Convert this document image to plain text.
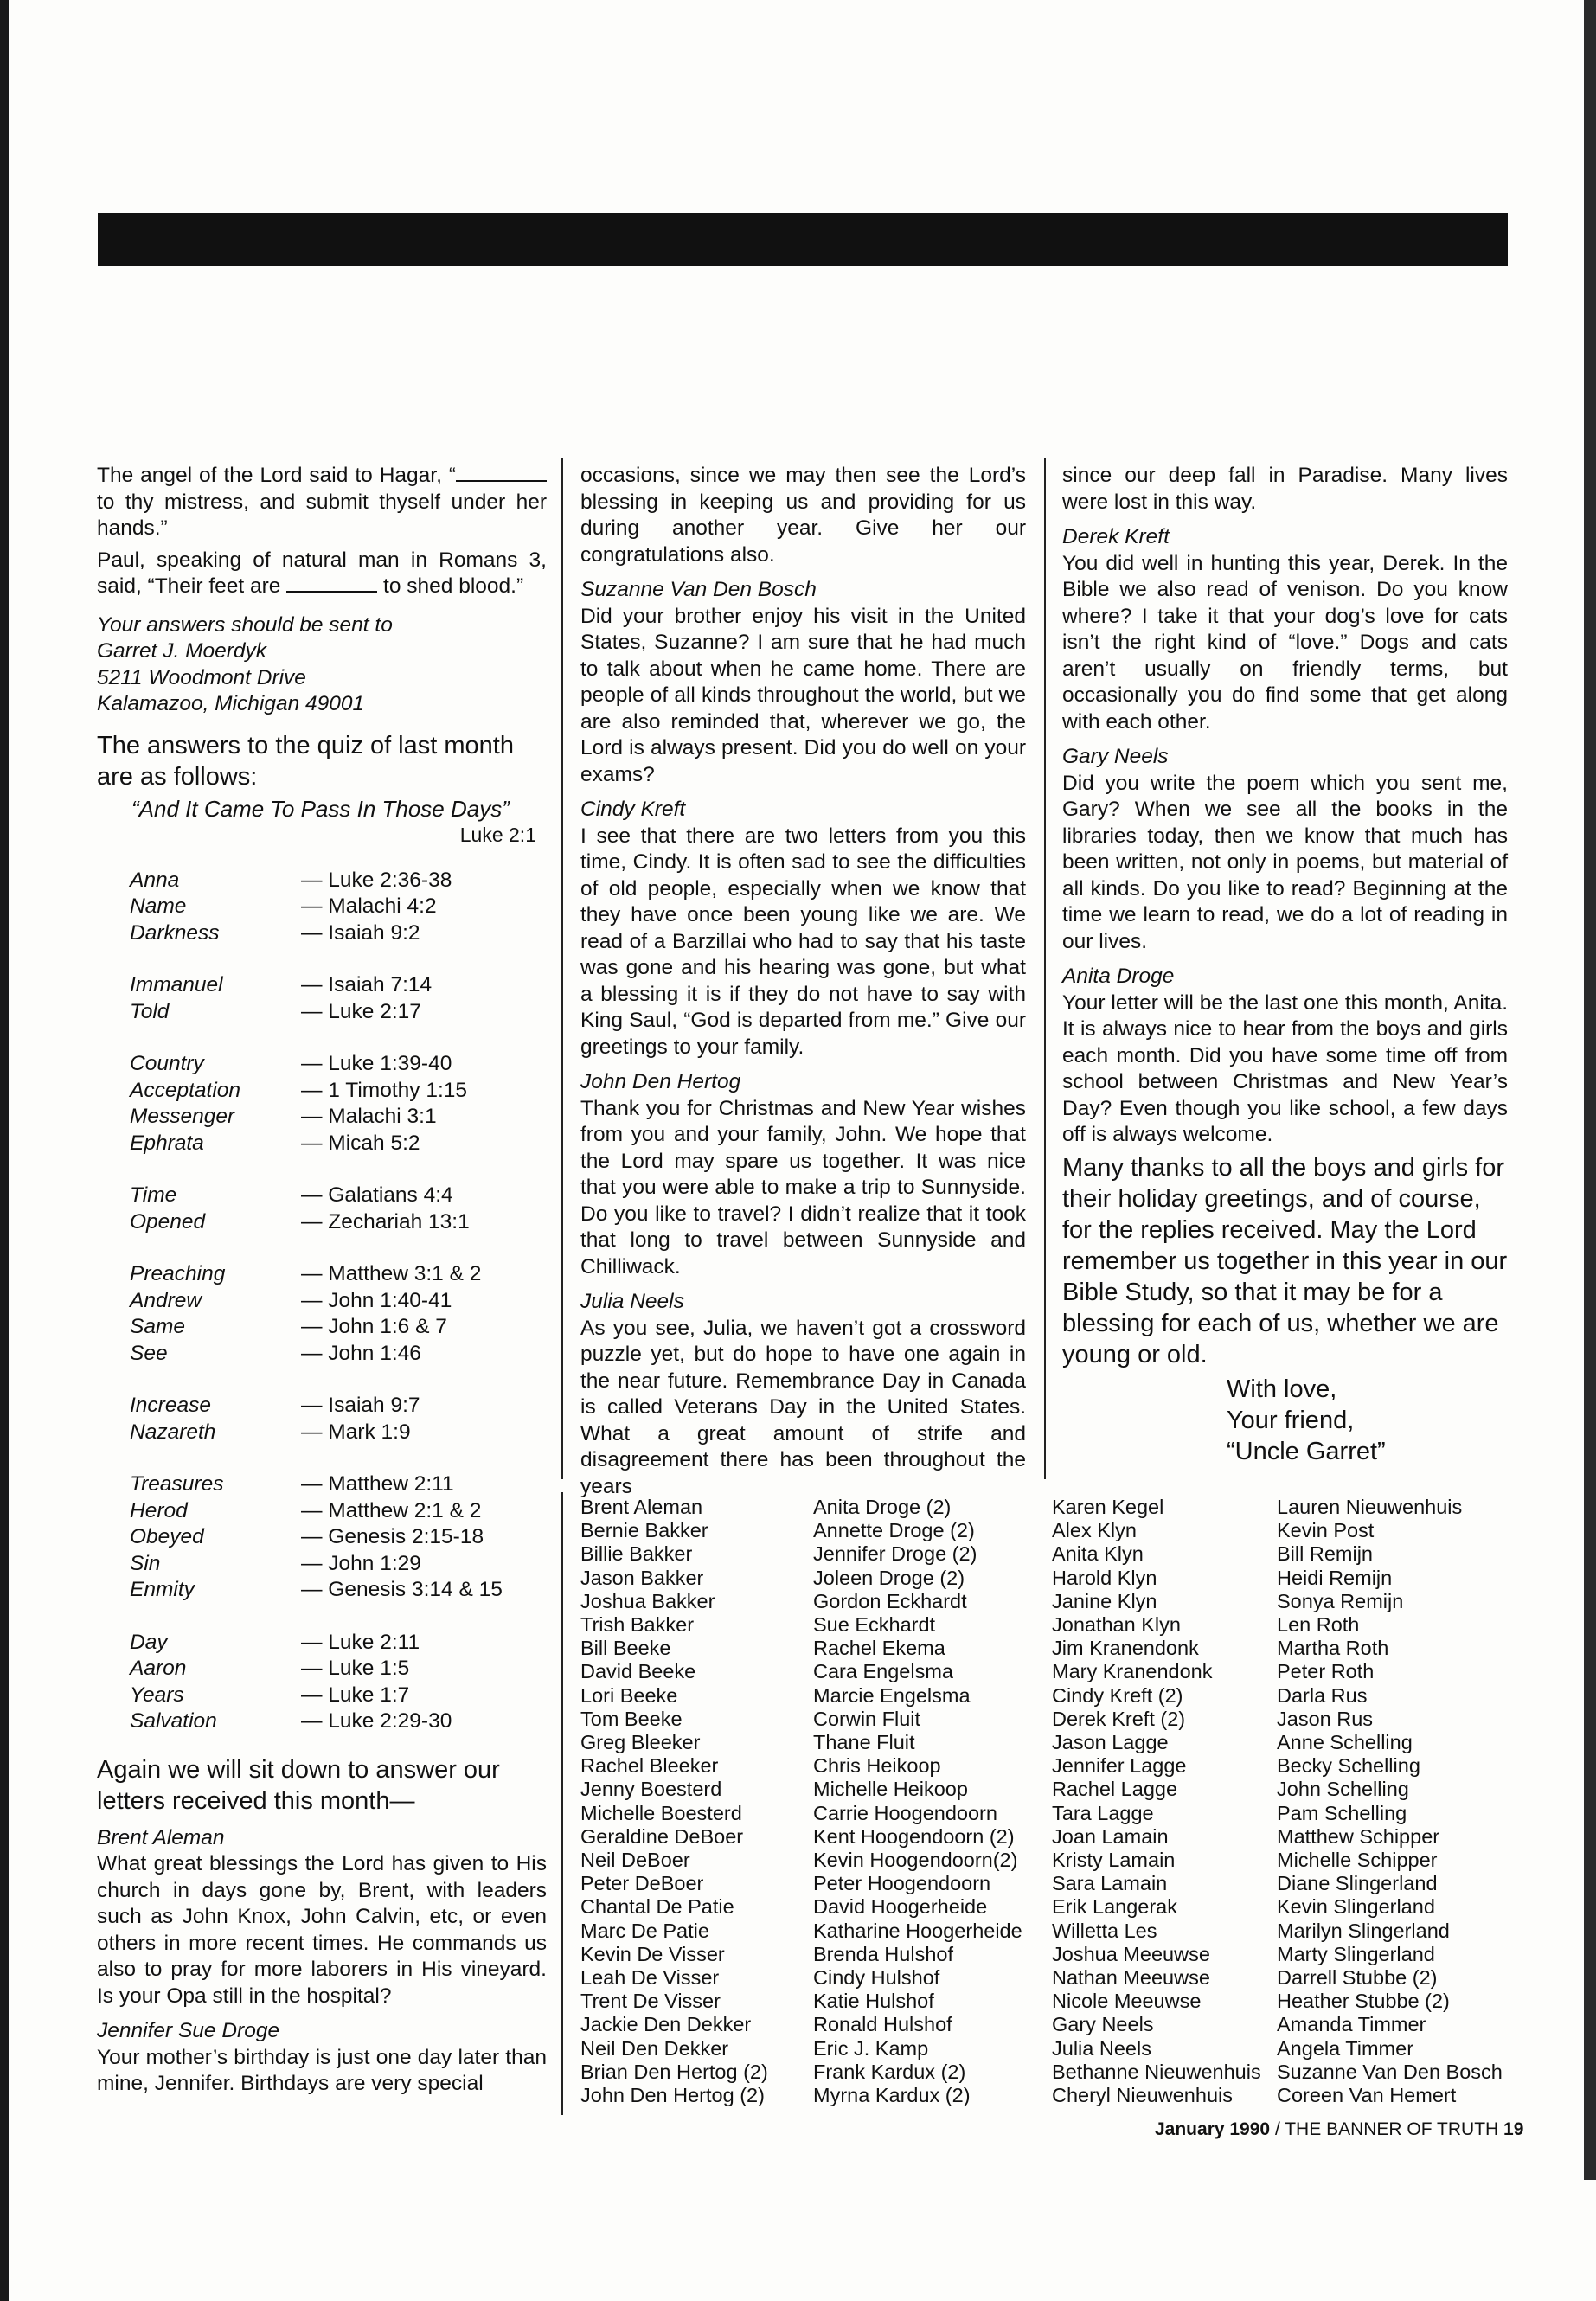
The angel of the Lord said to Hagar, “ to thy mistress, and submit thyself under her hands.”

Paul, speaking of natural man in Romans 3, said, “Their feet are	to shed blood.”

Your answers should be sent to
Garret J. Moerdyk
5211 Woodmont Drive
Kalamazoo, Michigan 49001

The answers to the quiz of last month are as follows:

“And It Came To Pass In Those Days”
Luke 2:1
Anna	— Luke 2:36-38
Name	— Malachi 4:2
Darkness	— Isaiah 9:2
Immanuel	— Isaiah 7:14
Told	— Luke 2:17
Country	— Luke 1:39-40
Acceptation	— 1 Timothy 1:15
Messenger	— Malachi 3:1
Ephrata	— Micah 5:2
Time	— Galatians 4:4
Opened	— Zechariah 13:1
Preaching	— Matthew 3:1 & 2
Andrew	— John 1:40-41
Same	— John 1:6 & 7
See	— John 1:46
Increase	— Isaiah 9:7
Nazareth	— Mark 1:9
Treasures	— Matthew 2:11
Herod	— Matthew 2:1 & 2
Obeyed	— Genesis 2:15-18
Sin	— John 1:29
Enmity	— Genesis 3:14 & 15
Day	— Luke 2:11
Aaron	— Luke 1:5
Years	— Luke 1:7
Salvation	— Luke 2:29-30

Again we will sit down to answer our letters received this month—

Brent Aleman

What great blessings the Lord has given to His church in days gone by, Brent, with leaders such as John Knox, John Calvin, etc, or even others in more recent times. He commands us also to pray for more laborers in His vineyard. Is your Opa still in the hospital?

Jennifer Sue Droge

Your mother’s birthday is just one day later than mine, Jennifer. Birthdays are very special

occasions, since we may then see the Lord’s blessing in keeping us and providing for us during another year. Give her our congratulations also.

Suzanne Van Den Bosch

Did your brother enjoy his visit in the United States, Suzanne? I am sure that he had much to talk about when he came home. There are people of all kinds throughout the world, but we are also reminded that, wherever we go, the Lord is always present. Did you do well on your exams?

Cindy Kreft

I see that there are two letters from you this time, Cindy. It is often sad to see the difficulties of old people, especially when we know that they have once been young like we are. We read of a Barzillai who had to say that his taste was gone and his hearing was gone, but what a blessing it is if they do not have to say with King Saul, “God is departed from me.” Give our greetings to your family.

John Den Hertog

Thank you for Christmas and New Year wishes from you and your family, John. We hope that the Lord may spare us together. It was nice that you were able to make a trip to Sunnyside. Do you like to travel? I didn’t realize that it took that long to travel between Sunnyside and Chilliwack.

Julia Neels

As you see, Julia, we haven’t got a crossword puzzle yet, but do hope to have one again in the near future. Remembrance Day in Canada is called Veterans Day in the United States. What a great amount of strife and disagreement there has been throughout the years

since our deep fall in Paradise. Many lives were lost in this way.

Derek Kreft

You did well in hunting this year, Derek. In the Bible we also read of venison. Do you know where? I take it that your dog’s love for cats isn’t the right kind of “love.” Dogs and cats aren’t usually on friendly terms, but occasionally you do find some that get along with each other.

Gary Neels

Did you write the poem which you sent me, Gary? When we see all the books in the libraries today, then we know that much has been written, not only in poems, but material of all kinds. Do you like to read? Beginning at the time we learn to read, we do a lot of reading in our lives.

Anita Droge

Your letter will be the last one this month, Anita. It is always nice to hear from the boys and girls each month. Did you have some time off from school between Christmas and New Year’s Day? Even though you like school, a few days off is always welcome.

Many thanks to all the boys and girls for their holiday greetings, and of course, for the replies received. May the Lord remember us together in this year in our Bible Study, so that it may be for a blessing for each of us, whether we are young or old.

With love,
Your friend,
“Uncle Garret”
Brent Aleman
Bernie Bakker
Billie Bakker
Jason Bakker
Joshua Bakker
Trish Bakker
Bill Beeke
David Beeke
Lori Beeke
Tom Beeke
Greg Bleeker
Rachel Bleeker
Jenny Boesterd
Michelle Boesterd
Geraldine DeBoer
Neil DeBoer
Peter DeBoer
Chantal De Patie
Marc De Patie
Kevin De Visser
Leah De Visser
Trent De Visser
Jackie Den Dekker
Neil Den Dekker
Brian Den Hertog (2)
John Den Hertog (2)
Anita Droge (2)
Annette Droge (2)
Jennifer Droge (2)
Joleen Droge (2)
Gordon Eckhardt
Sue Eckhardt
Rachel Ekema
Cara Engelsma
Marcie Engelsma
Corwin Fluit
Thane Fluit
Chris Heikoop
Michelle Heikoop
Carrie Hoogendoorn
Kent Hoogendoorn (2)
Kevin Hoogendoorn(2)
Peter Hoogendoorn
David Hoogerheide
Katharine Hoogerheide
Brenda Hulshof
Cindy Hulshof
Katie Hulshof
Ronald Hulshof
Eric J. Kamp
Frank Kardux (2)
Myrna Kardux (2)
Karen Kegel
Alex Klyn
Anita Klyn
Harold Klyn
Janine Klyn
Jonathan Klyn
Jim Kranendonk
Mary Kranendonk
Cindy Kreft (2)
Derek Kreft (2)
Jason Lagge
Jennifer Lagge
Rachel Lagge
Tara Lagge
Joan Lamain
Kristy Lamain
Sara Lamain
Erik Langerak
Willetta Les
Joshua Meeuwse
Nathan Meeuwse
Nicole Meeuwse
Gary Neels
Julia Neels
Bethanne Nieuwenhuis
Cheryl Nieuwenhuis
Lauren Nieuwenhuis
Kevin Post
Bill Remijn
Heidi Remijn
Sonya Remijn
Len Roth
Martha Roth
Peter Roth
Darla Rus
Jason Rus
Anne Schelling
Becky Schelling
John Schelling
Pam Schelling
Matthew Schipper
Michelle Schipper
Diane Slingerland
Kevin Slingerland
Marilyn Slingerland
Marty Slingerland
Darrell Stubbe (2)
Heather Stubbe (2)
Amanda Timmer
Angela Timmer
Suzanne Van Den Bosch
Coreen Van Hemert
January 1990 / THE BANNER OF TRUTH 19
